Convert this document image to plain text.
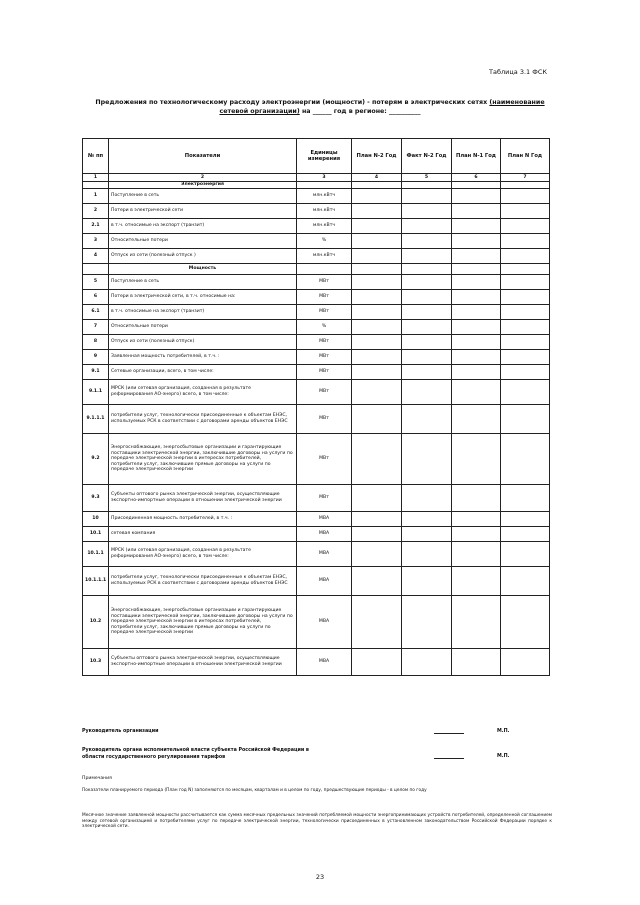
Таблица 3.1 ФСК
Предложения по технологическому расходу электроэнергии (мощности) - потерям в электрических сетях (наименование
сетевой организации) на ______ год в регионе: __________
№ пп	Показатели	Единицы измерения	План N-2 Год	Факт N-2 Год	План N-1 Год	План N Год
1	2	3	4	5	6	7
	Электроэнергия					
1	Поступление в сеть	млн.кВтч				
2	Потери в электрической сети	млн.кВтч				
2.1	в т.ч. относимые на экспорт (транзит)	млн.кВтч				
3	Относительные потери	%				
4	Отпуск из сети (полезный отпуск )	млн.кВтч				
	Мощность					
5	Поступление в сеть	МВт				
6	Потери в электрической сети, в т.ч. относимые на:	МВт				
6.1	в т.ч. относимые на экспорт (транзит)	МВт				
7	Относительные потери	%				
8	Отпуск из сети (полезный отпуск)	МВт				
9	Заявленная мощность потребителей, в т.ч. :	МВт				
9.1	Сетевые организации, всего, в том числе:	МВт				
9.1.1	МРСК (или сетевая организация, созданная в результате реформирования АО-энерго) всего, в том числе:	МВт				
9.1.1.1	потребители услуг, технологически присоединенные к объектам ЕНЭС, используемых РСК в соответствии с договорами аренды объектов ЕНЭС	МВт				
9.2	Энергоснабжающие, энергосбытовые организации и гарантирующие поставщики электрической энергии, заключившие договоры на услуги по передаче электрической энергии в интересах потребителей, потребители услуг, заключившие прямые договоры на услуги по передаче электрической энергии	МВт				
9.3	Субъекты оптового рынка электрической энергии, осуществляющие экспортно-импортные операции в отношении электрической энергии	МВт				
10	Присоединенная мощность потребителей, в т.ч. :	МВА				
10.1	сетевая компания	МВА				
10.1.1	МРСК (или сетевая организация, созданная в результате реформирования АО-энерго) всего, в том числе:	МВА				
10.1.1.1	потребители услуг, технологически присоединенные к объектам ЕНЭС, используемых РСК в соответствии с договорами аренды объектов ЕНЭС	МВА				
10.2	Энергоснабжающие, энергосбытовые организации и гарантирующие поставщики электрической энергии, заключившие договоры на услуги по передаче электрической энергии в интересах потребителей, потребители услуг, заключившие прямые договоры на услуги по передаче электрической энергии	МВА				
10.3	Субъекты оптового рынка электрической энергии, осуществляющие экспортно-импортные операции в отношении электрической энергии	МВА				
Руководитель организации	М.П.
Руководитель органа исполнительной власти субъекта Российской Федерации в
области государственного регулирования тарифов	М.П.
Примечания
Показатели планируемого периода (План год N) заполняются по месяцам, кварталам и в целом по году, предшествующие периоды - в целом по году
Месячное значение заявленной мощности рассчитывается как сумма месячных предельных значений потребляемой мощности энергопринимающих устройств потребителей, определенной соглашением между сетевой организацией и потребителями услуг по передаче электрической энергии, технологически присоединенных в установленном законодательством Российской Федерации порядке к электрической сети.
23
